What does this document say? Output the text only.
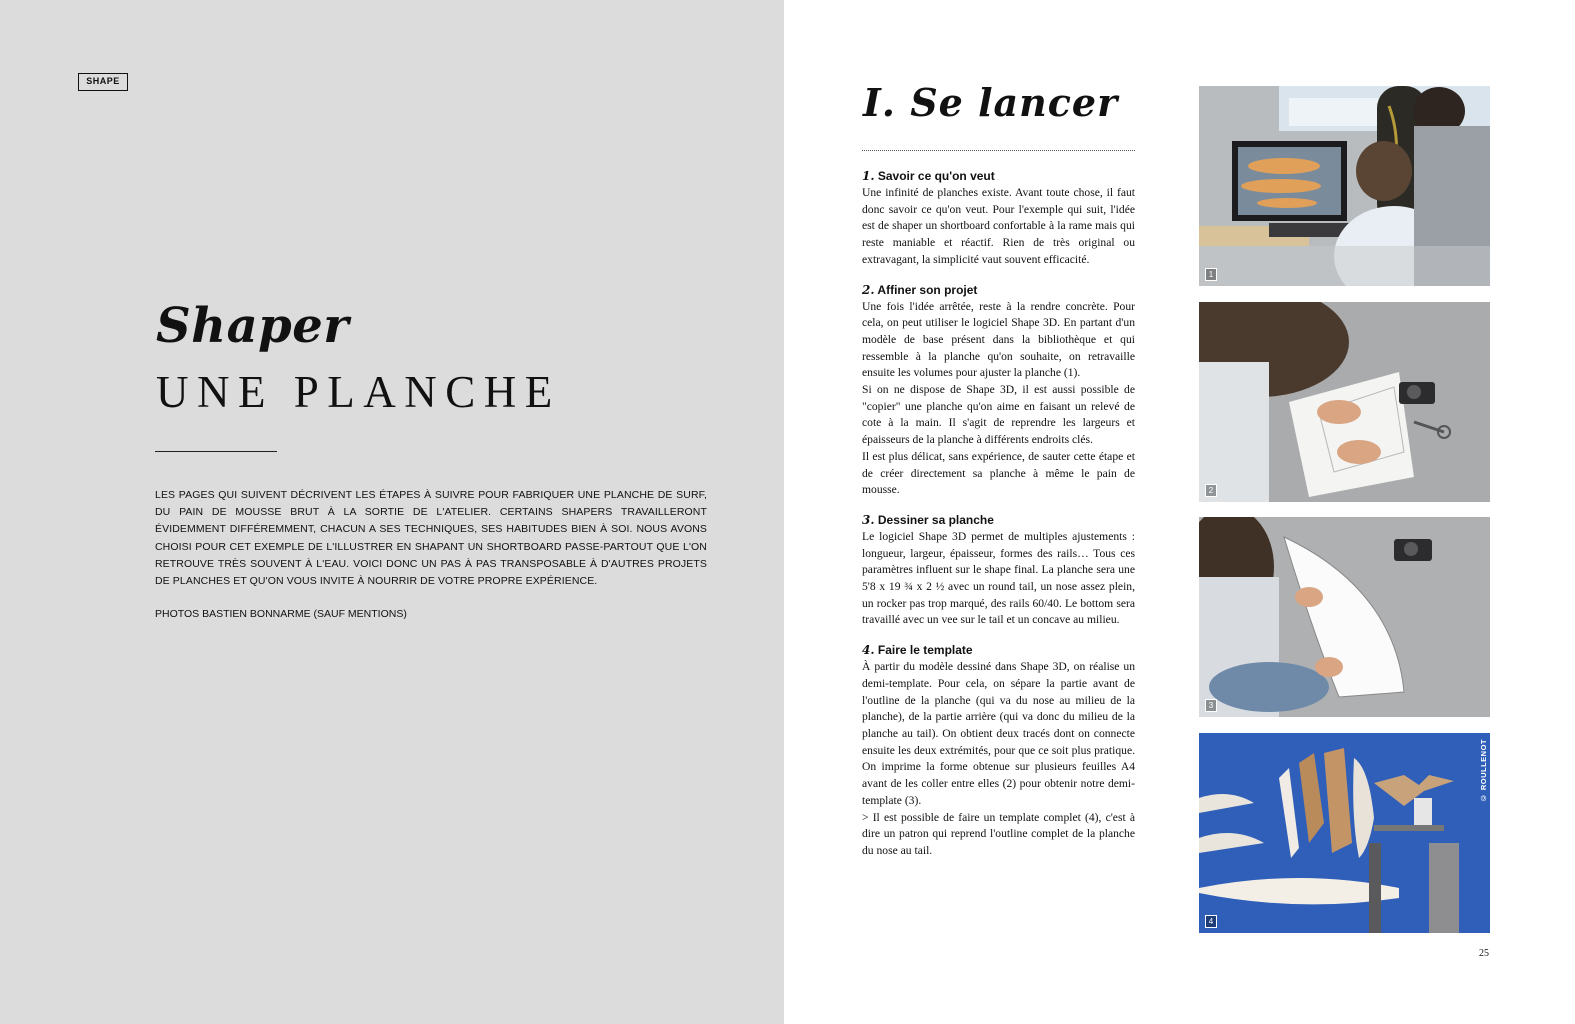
SHAPE
Shaper
UNE PLANCHE

LES PAGES QUI SUIVENT DÉCRIVENT LES ÉTAPES À SUIVRE POUR FABRIQUER UNE PLANCHE DE SURF, DU PAIN DE MOUSSE BRUT À LA SORTIE DE L'ATELIER. CERTAINS SHAPERS TRAVAILLERONT ÉVIDEMMENT DIFFÉREMMENT, CHACUN A SES TECHNIQUES, SES HABITUDES BIEN À SOI. NOUS AVONS CHOISI POUR CET EXEMPLE DE L'ILLUSTRER EN SHAPANT UN SHORTBOARD PASSE-PARTOUT QUE L'ON RETROUVE TRÈS SOUVENT À L'EAU. VOICI DONC UN PAS À PAS TRANSPOSABLE À D'AUTRES PROJETS DE PLANCHES ET QU'ON VOUS INVITE À NOURRIR DE VOTRE PROPRE EXPÉRIENCE.

PHOTOS BASTIEN BONNARME (SAUF MENTIONS)

I. Se lancer
1. Savoir ce qu'on veut

Une infinité de planches existe. Avant toute chose, il faut donc savoir ce qu'on veut. Pour l'exemple qui suit, l'idée est de shaper un shortboard confortable à la rame mais qui reste maniable et réactif. Rien de très original ou extravagant, la simplicité vaut souvent efficacité.

2. Affiner son projet

Une fois l'idée arrêtée, reste à la rendre concrète. Pour cela, on peut utiliser le logiciel Shape 3D. En partant d'un modèle de base présent dans la bibliothèque et qui ressemble à la planche qu'on souhaite, on retravaille ensuite les volumes pour ajuster la planche (1).

Si on ne dispose de Shape 3D, il est aussi possible de "copier" une planche qu'on aime en faisant un relevé de cote à la main. Il s'agit de reprendre les largeurs et épaisseurs de la planche à différents endroits clés.

Il est plus délicat, sans expérience, de sauter cette étape et de créer directement sa planche à même le pain de mousse.

3. Dessiner sa planche

Le logiciel Shape 3D permet de multiples ajustements : longueur, largeur, épaisseur, formes des rails… Tous ces paramètres influent sur le shape final. La planche sera une 5'8 x 19 ¾ x 2 ½ avec un round tail, un nose assez plein, un rocker pas trop marqué, des rails 60/40. Le bottom sera travaillé avec un vee sur le tail et un concave au milieu.

4. Faire le template

À partir du modèle dessiné dans Shape 3D, on réalise un demi-template. Pour cela, on sépare la partie avant de l'outline de la planche (qui va du nose au milieu de la planche), de la partie arrière (qui va donc du milieu de la planche au tail). On obtient deux tracés dont on connecte ensuite les deux extrémités, pour que ce soit plus pratique. On imprime la forme obtenue sur plusieurs feuilles A4 avant de les coller entre elles (2) pour obtenir notre demi-template (3).

> Il est possible de faire un template complet (4), c'est à dire un patron qui reprend l'outline complet de la planche du nose au tail.

1
2
3
4
© ROULLENOT
25
